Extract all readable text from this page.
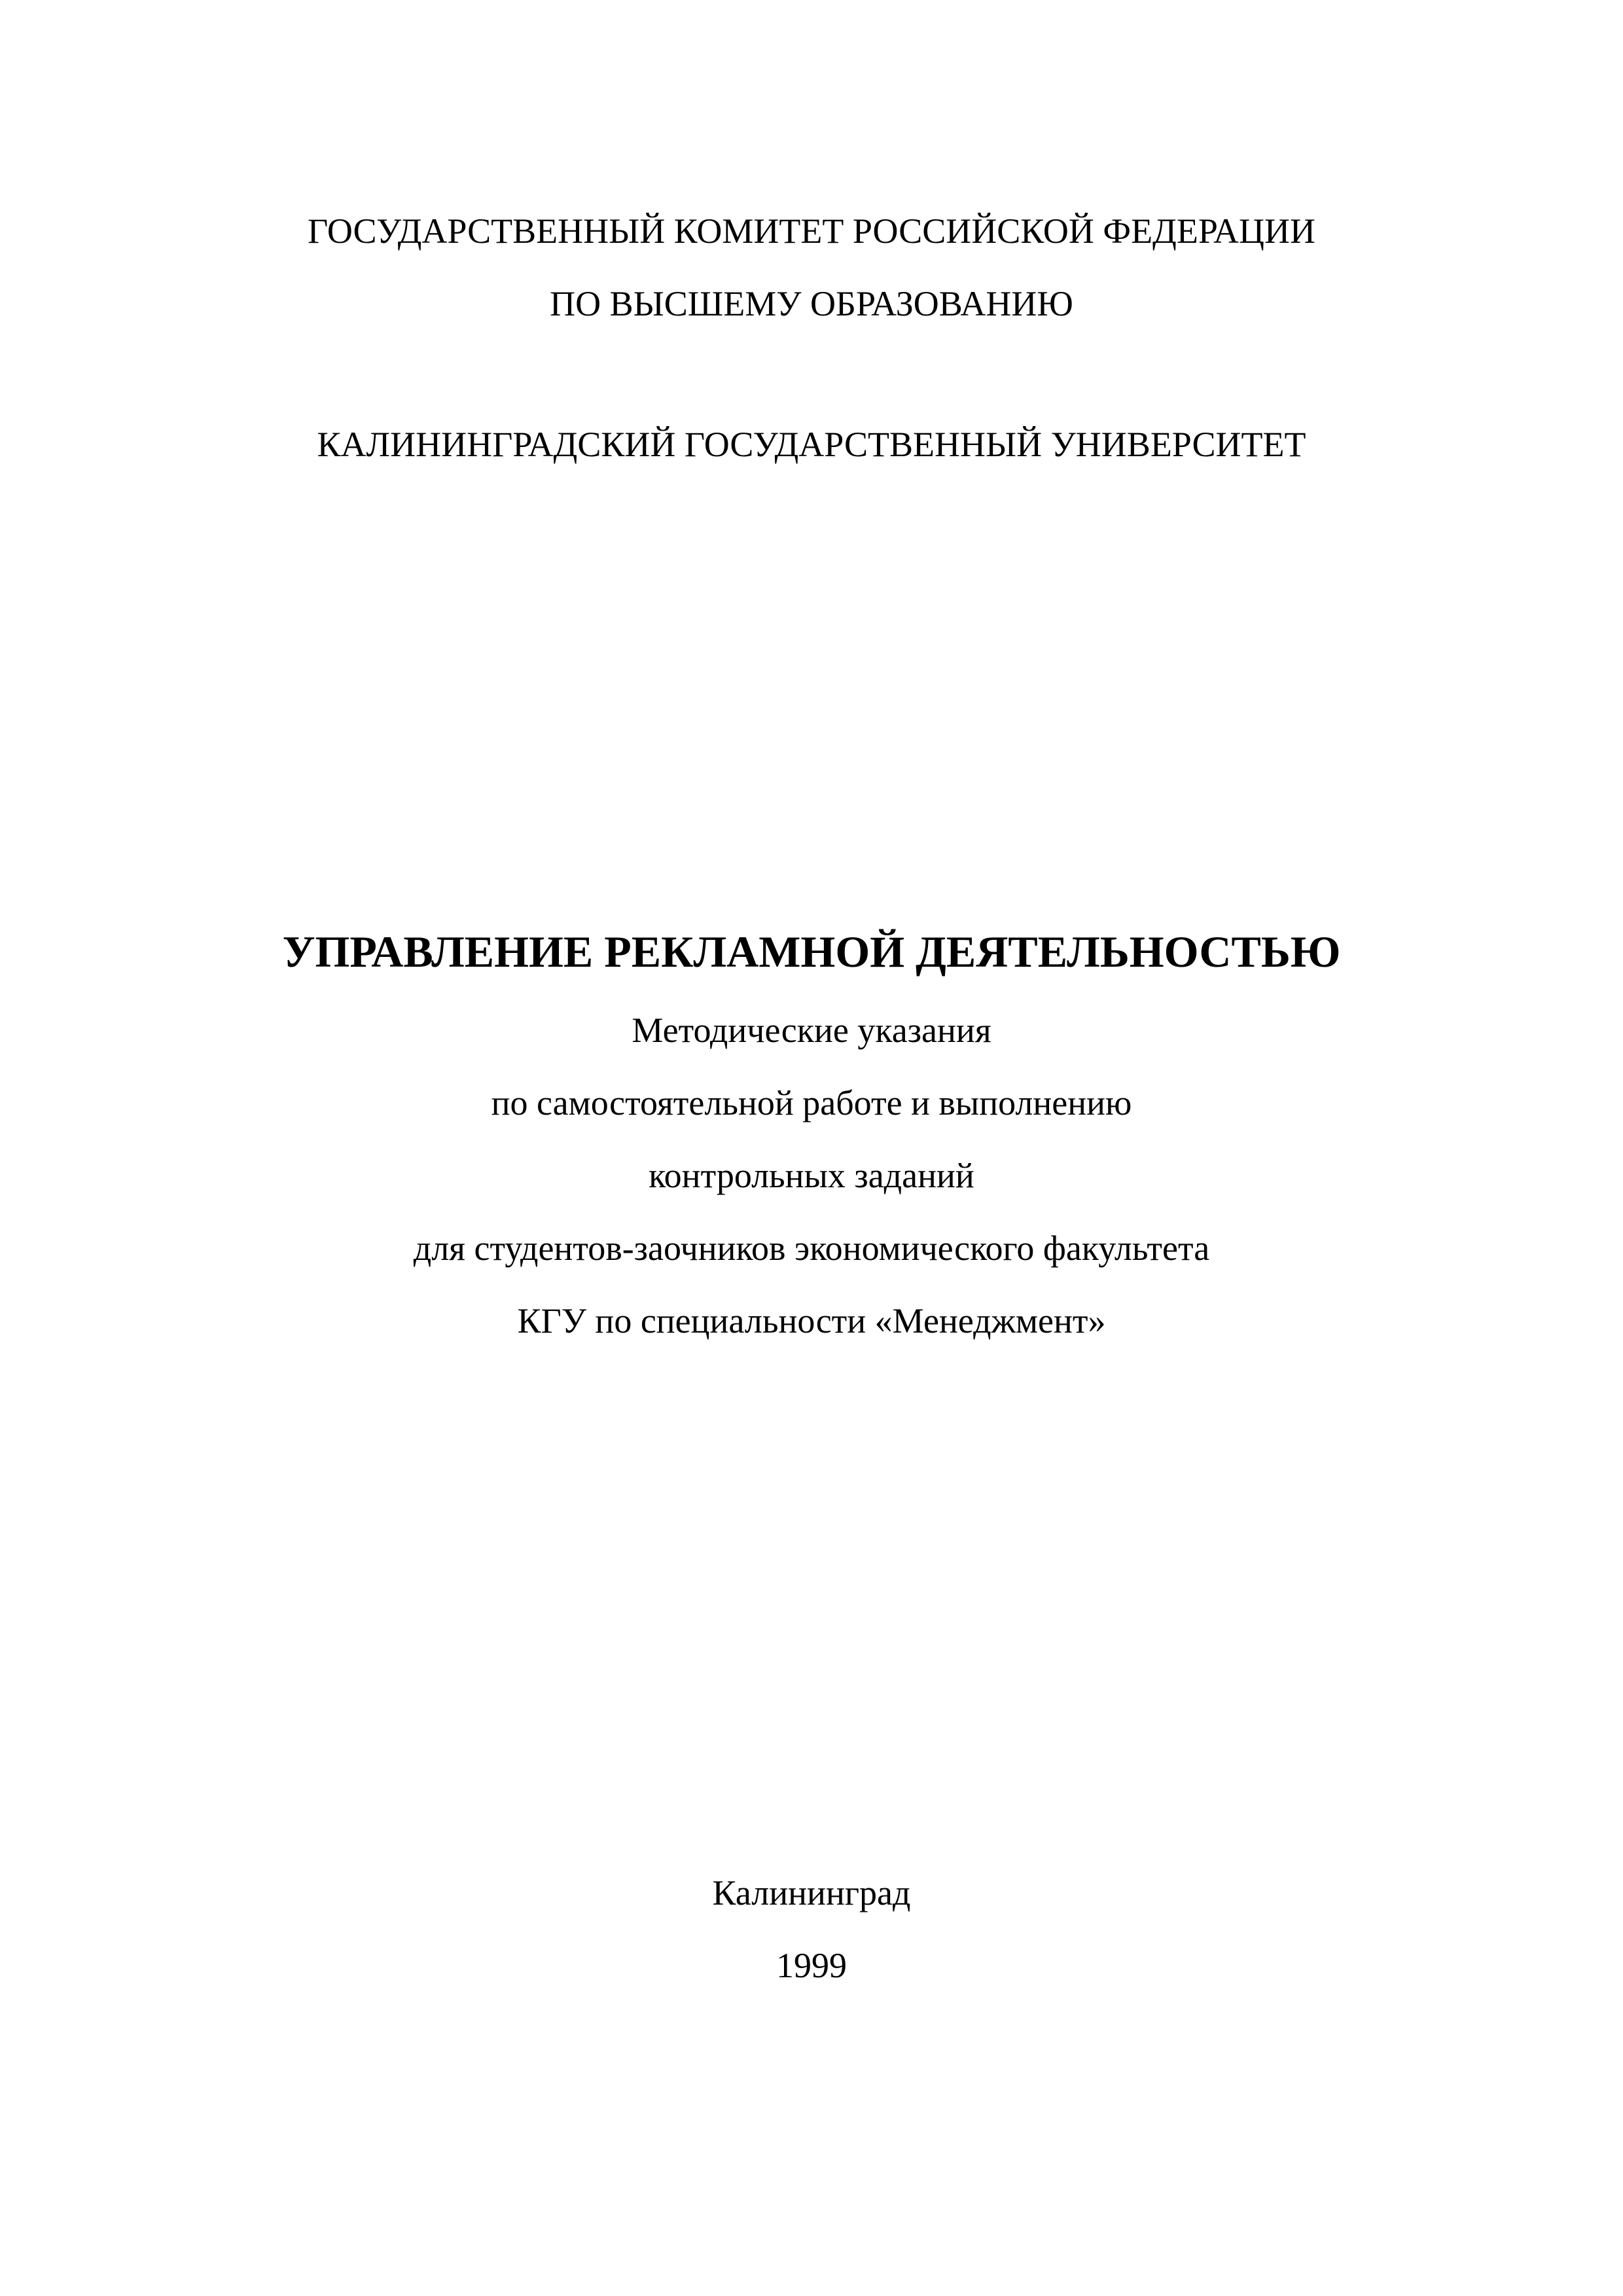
ГОСУДАРСТВЕННЫЙ КОМИТЕТ РОССИЙСКОЙ ФЕДЕРАЦИИ
ПО ВЫСШЕМУ ОБРАЗОВАНИЮ
КАЛИНИНГРАДСКИЙ ГОСУДАРСТВЕННЫЙ УНИВЕРСИТЕТ
УПРАВЛЕНИЕ РЕКЛАМНОЙ ДЕЯТЕЛЬНОСТЬЮ
Методические указания
по самостоятельной работе и выполнению
контрольных заданий
для студентов-заочников экономического факультета
КГУ по специальности «Менеджмент»
Калининград
1999
